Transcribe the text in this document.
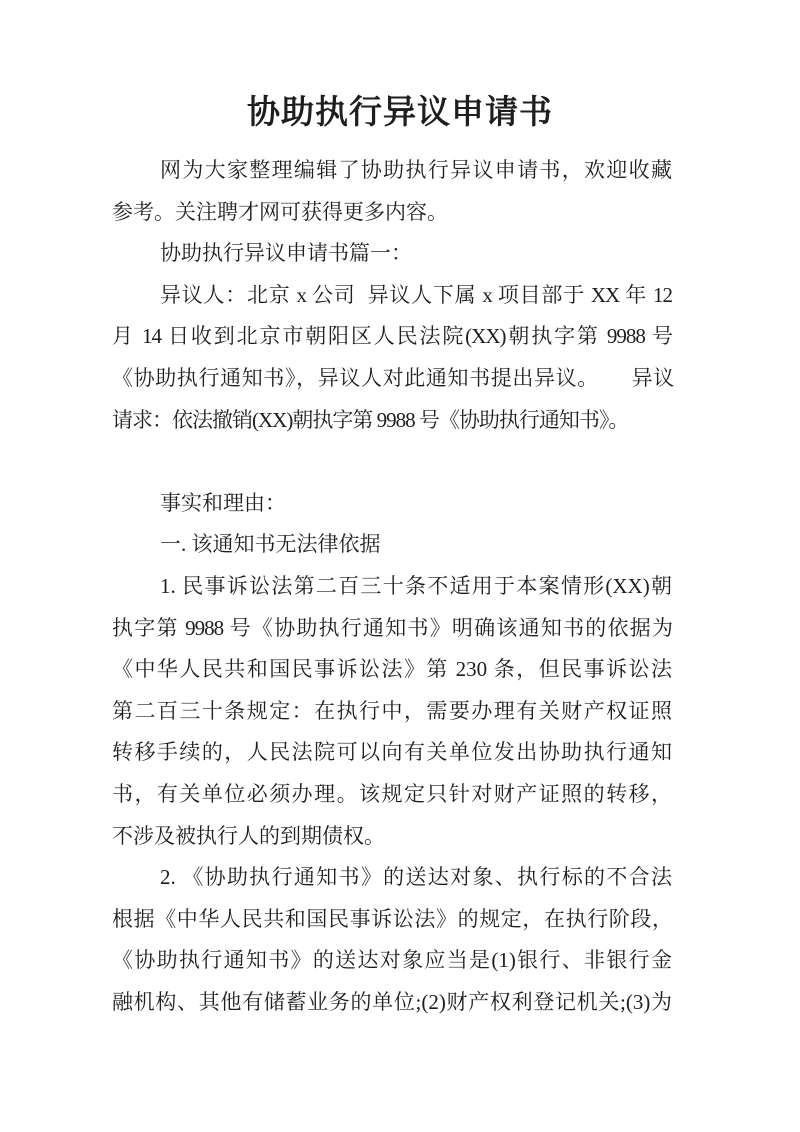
协助执行异议申请书
网为大家整理编辑了协助执行异议申请书，欢迎收藏
参考。关注聘才网可获得更多内容。
协助执行异议申请书篇一：
异议人：北京 x 公司  异议人下属 x 项目部于 XX 年 12
月 14 日收到北京市朝阳区人民法院(XX)朝执字第 9988 号
《协助执行通知书》，异议人对此通知书提出异议。　　异议
请求：依法撤销(XX)朝执字第 9988 号《协助执行通知书》。
事实和理由：
一. 该通知书无法律依据
1. 民事诉讼法第二百三十条不适用于本案情形(XX)朝
执字第 9988 号《协助执行通知书》明确该通知书的依据为
《中华人民共和国民事诉讼法》第 230 条，但民事诉讼法
第二百三十条规定：在执行中，需要办理有关财产权证照
转移手续的，人民法院可以向有关单位发出协助执行通知
书，有关单位必须办理。该规定只针对财产证照的转移，
不涉及被执行人的到期债权。
2. 《协助执行通知书》的送达对象、执行标的不合法
根据《中华人民共和国民事诉讼法》的规定，在执行阶段，
《协助执行通知书》的送达对象应当是(1)银行、非银行金
融机构、其他有储蓄业务的单位;(2)财产权利登记机关;(3)为
